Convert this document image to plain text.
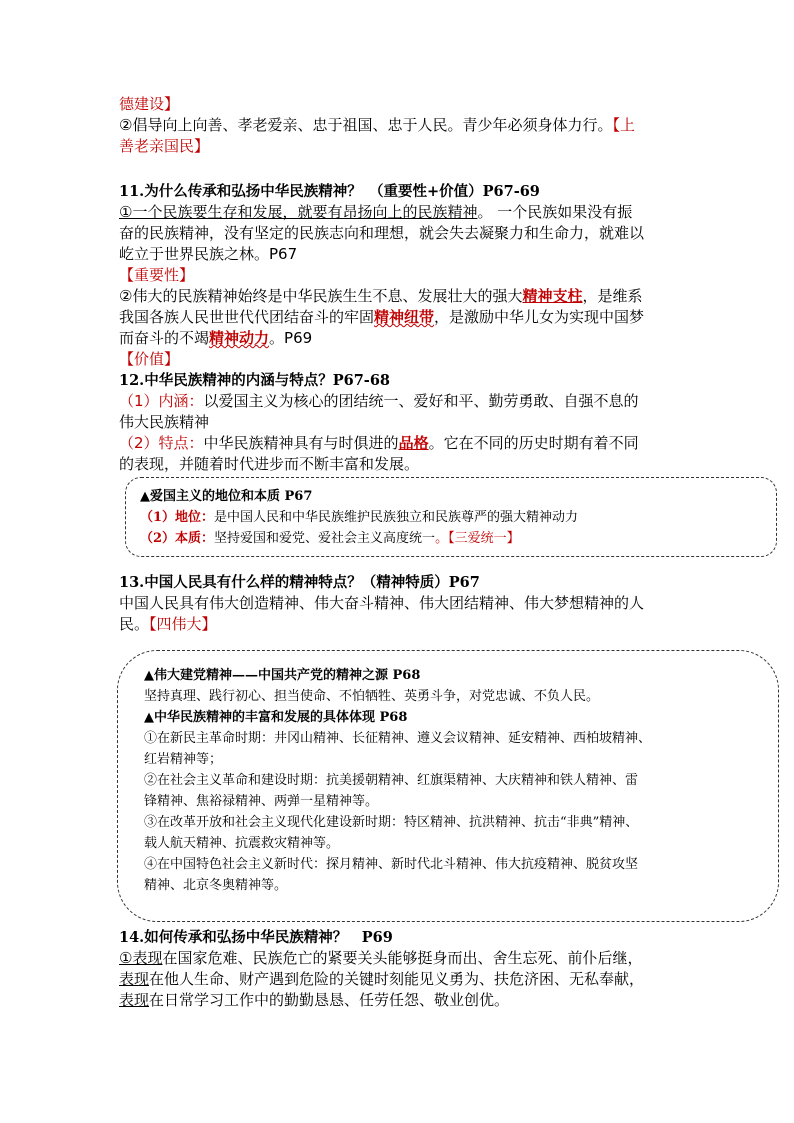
德建设】
②倡导向上向善、孝老爱亲、忠于祖国、忠于人民。青少年必须身体力行。【上
善老亲国民】
11.为什么传承和弘扬中华民族精神？　（重要性+价值）P67-69
①一个民族要生存和发展，就要有昂扬向上的民族精神。 一个民族如果没有振
奋的民族精神，没有坚定的民族志向和理想，就会失去凝聚力和生命力，就难以
屹立于世界民族之林。P67
【重要性】
②伟大的民族精神始终是中华民族生生不息、发展壮大的强大精神支柱，是维系
我国各族人民世世代代团结奋斗的牢固精神纽带，是激励中华儿女为实现中国梦
而奋斗的不竭精神动力。P69
【价值】
12.中华民族精神的内涵与特点？P67-68
（1）内涵：以爱国主义为核心的团结统一、爱好和平、勤劳勇敢、自强不息的
伟大民族精神
（2）特点：中华民族精神具有与时俱进的品格。它在不同的历史时期有着不同
的表现，并随着时代进步而不断丰富和发展。
▲爱国主义的地位和本质 P67
（1）地位：是中国人民和中华民族维护民族独立和民族尊严的强大精神动力
（2）本质：坚持爱国和爱党、爱社会主义高度统一。【三爱统一】
13.中国人民具有什么样的精神特点？（精神特质）P67
中国人民具有伟大创造精神、伟大奋斗精神、伟大团结精神、伟大梦想精神的人
民。【四伟大】
▲伟大建党精神——中国共产党的精神之源 P68
坚持真理、践行初心、担当使命、不怕牺牲、英勇斗争，对党忠诚、不负人民。
▲中华民族精神的丰富和发展的具体体现 P68
①在新民主革命时期：井冈山精神、长征精神、遵义会议精神、延安精神、西柏坡精神、
红岩精神等；
②在社会主义革命和建设时期：抗美援朝精神、红旗渠精神、大庆精神和铁人精神、雷
锋精神、焦裕禄精神、两弹一星精神等。
③在改革开放和社会主义现代化建设新时期：特区精神、抗洪精神、抗击“非典”精神、
载人航天精神、抗震救灾精神等。
④在中国特色社会主义新时代：探月精神、新时代北斗精神、伟大抗疫精神、脱贫攻坚
精神、北京冬奥精神等。
14.如何传承和弘扬中华民族精神？　P69
①表现在国家危难、民族危亡的紧要关头能够挺身而出、舍生忘死、前仆后继，
表现在他人生命、财产遇到危险的关键时刻能见义勇为、扶危济困、无私奉献，
表现在日常学习工作中的勤勤恳恳、任劳任怨、敬业创优。
